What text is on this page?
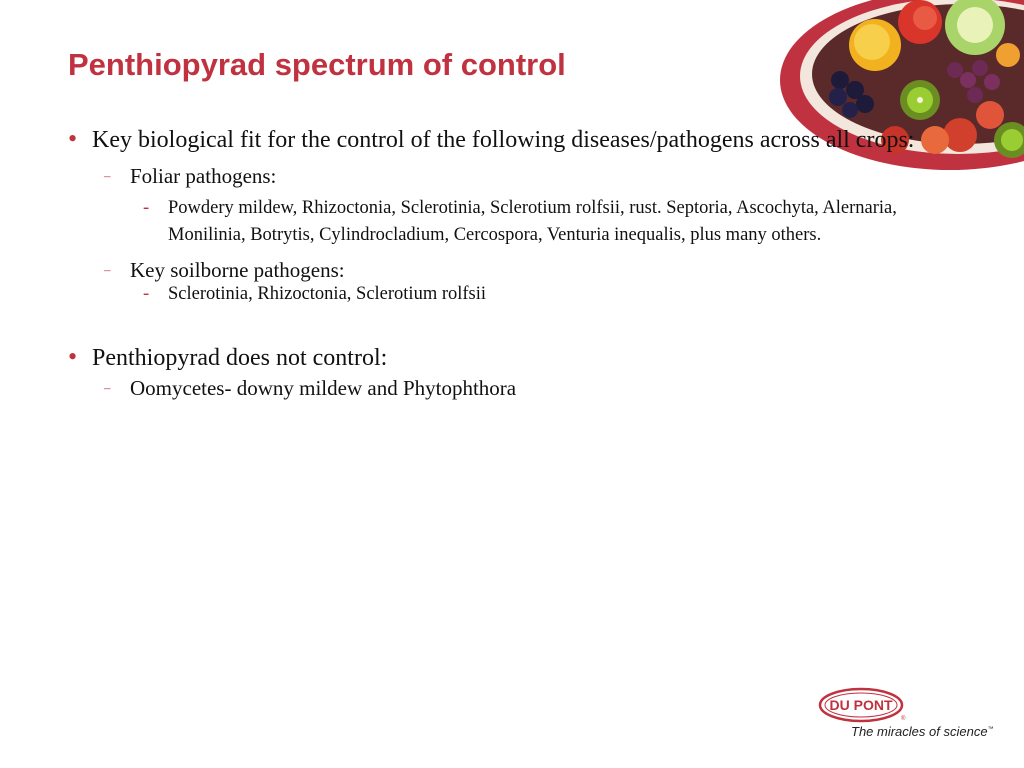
Penthiopyrad spectrum of control
• Key biological fit for the control of the following diseases/pathogens across all crops:
– Foliar pathogens:
- Powdery mildew, Rhizoctonia, Sclerotinia, Sclerotium rolfsii, rust. Septoria, Ascochyta, Alernaria, Monilinia, Botrytis, Cylindrocladium, Cercospora, Venturia inequalis, plus many others.
– Key soilborne pathogens:
- Sclerotinia, Rhizoctonia, Sclerotium rolfsii
• Penthiopyrad does not control:
– Oomycetes- downy mildew and Phytophthora
DU PONT
®
The miracles of science™
